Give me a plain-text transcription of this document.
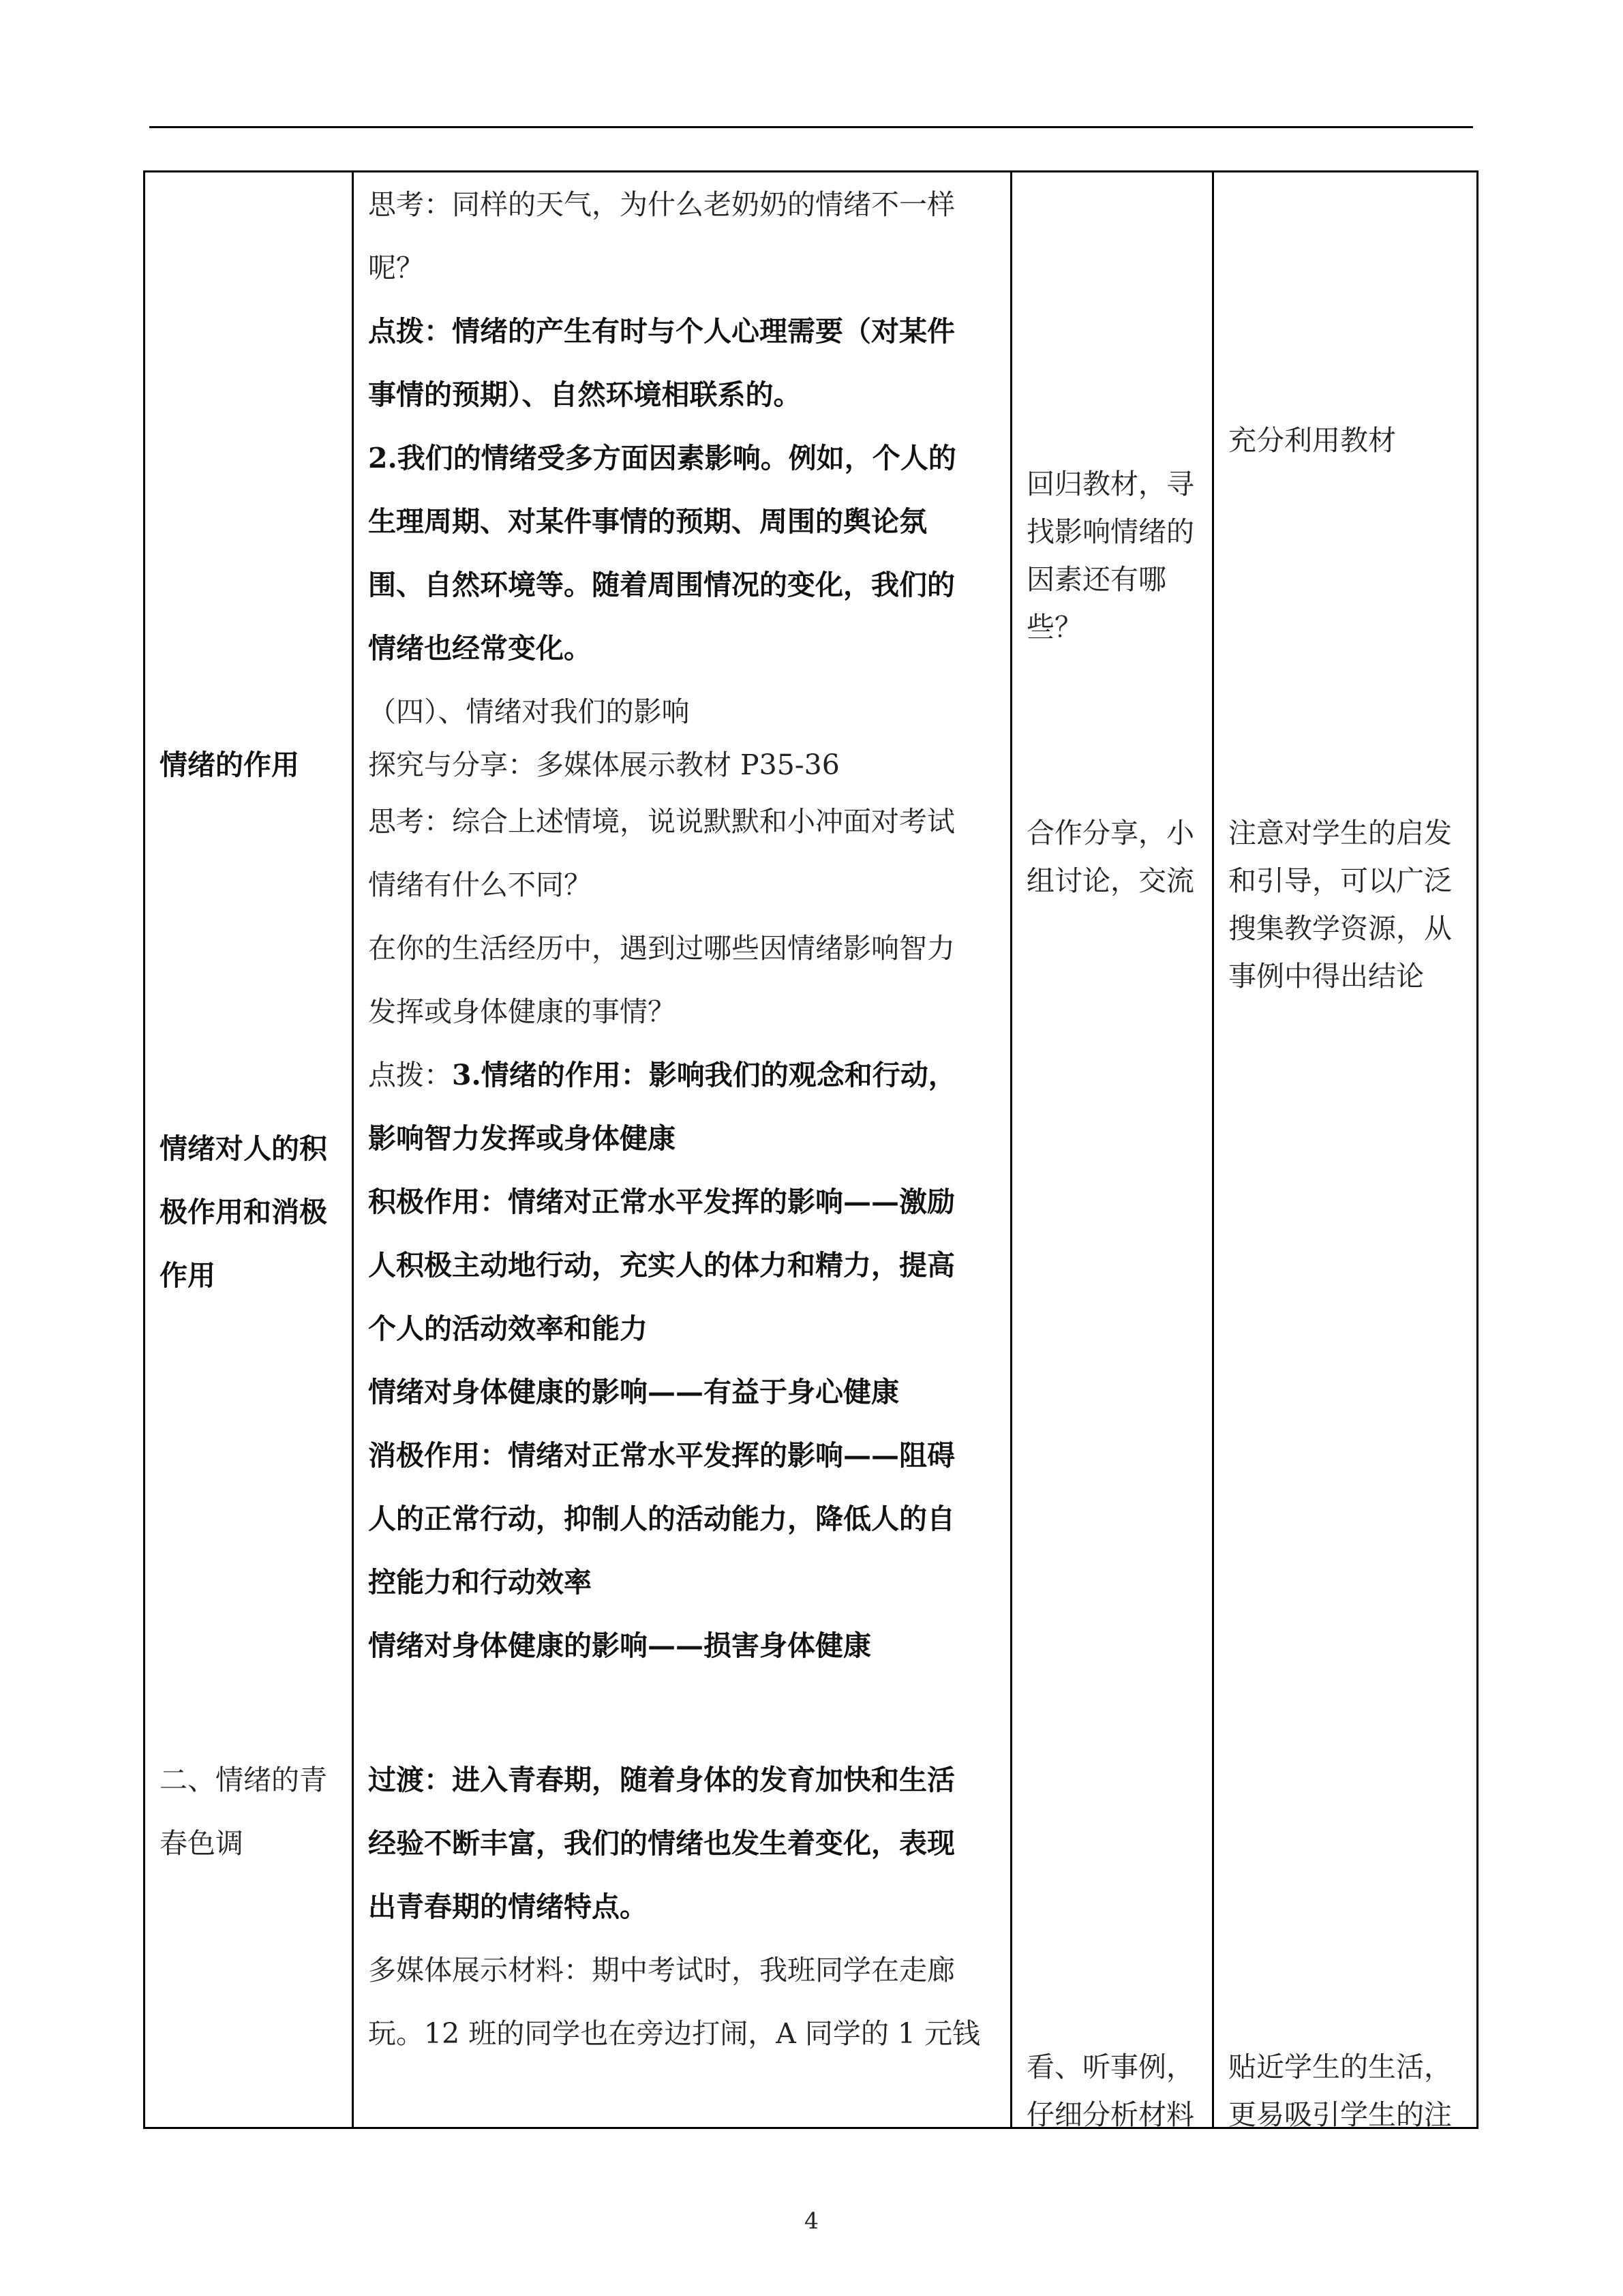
情绪的作用
情绪对人的积
极作用和消极
作用
二、情绪的青
春色调
思考：同样的天气，为什么老奶奶的情绪不一样
呢？
点拨：情绪的产生有时与个人心理需要（对某件
事情的预期）、自然环境相联系的。
2.我们的情绪受多方面因素影响。例如，个人的
生理周期、对某件事情的预期、周围的舆论氛
围、自然环境等。随着周围情况的变化，我们的
情绪也经常变化。
（四）、情绪对我们的影响
探究与分享：多媒体展示教材 P35-36
思考：综合上述情境，说说默默和小冲面对考试
情绪有什么不同？
在你的生活经历中，遇到过哪些因情绪影响智力
发挥或身体健康的事情？
点拨：3.情绪的作用：影响我们的观念和行动，
影响智力发挥或身体健康
积极作用：情绪对正常水平发挥的影响——激励
人积极主动地行动，充实人的体力和精力，提高
个人的活动效率和能力
情绪对身体健康的影响——有益于身心健康
消极作用：情绪对正常水平发挥的影响——阻碍
人的正常行动，抑制人的活动能力，降低人的自
控能力和行动效率
情绪对身体健康的影响——损害身体健康
过渡：进入青春期，随着身体的发育加快和生活
经验不断丰富，我们的情绪也发生着变化，表现
出青春期的情绪特点。
多媒体展示材料：期中考试时，我班同学在走廊
玩。12 班的同学也在旁边打闹，A 同学的 1 元钱
回归教材，寻
找影响情绪的
因素还有哪
些？
合作分享，小
组讨论，交流
看、听事例，
仔细分析材料
充分利用教材
注意对学生的启发
和引导，可以广泛
搜集教学资源，从
事例中得出结论
贴近学生的生活，
更易吸引学生的注
4
